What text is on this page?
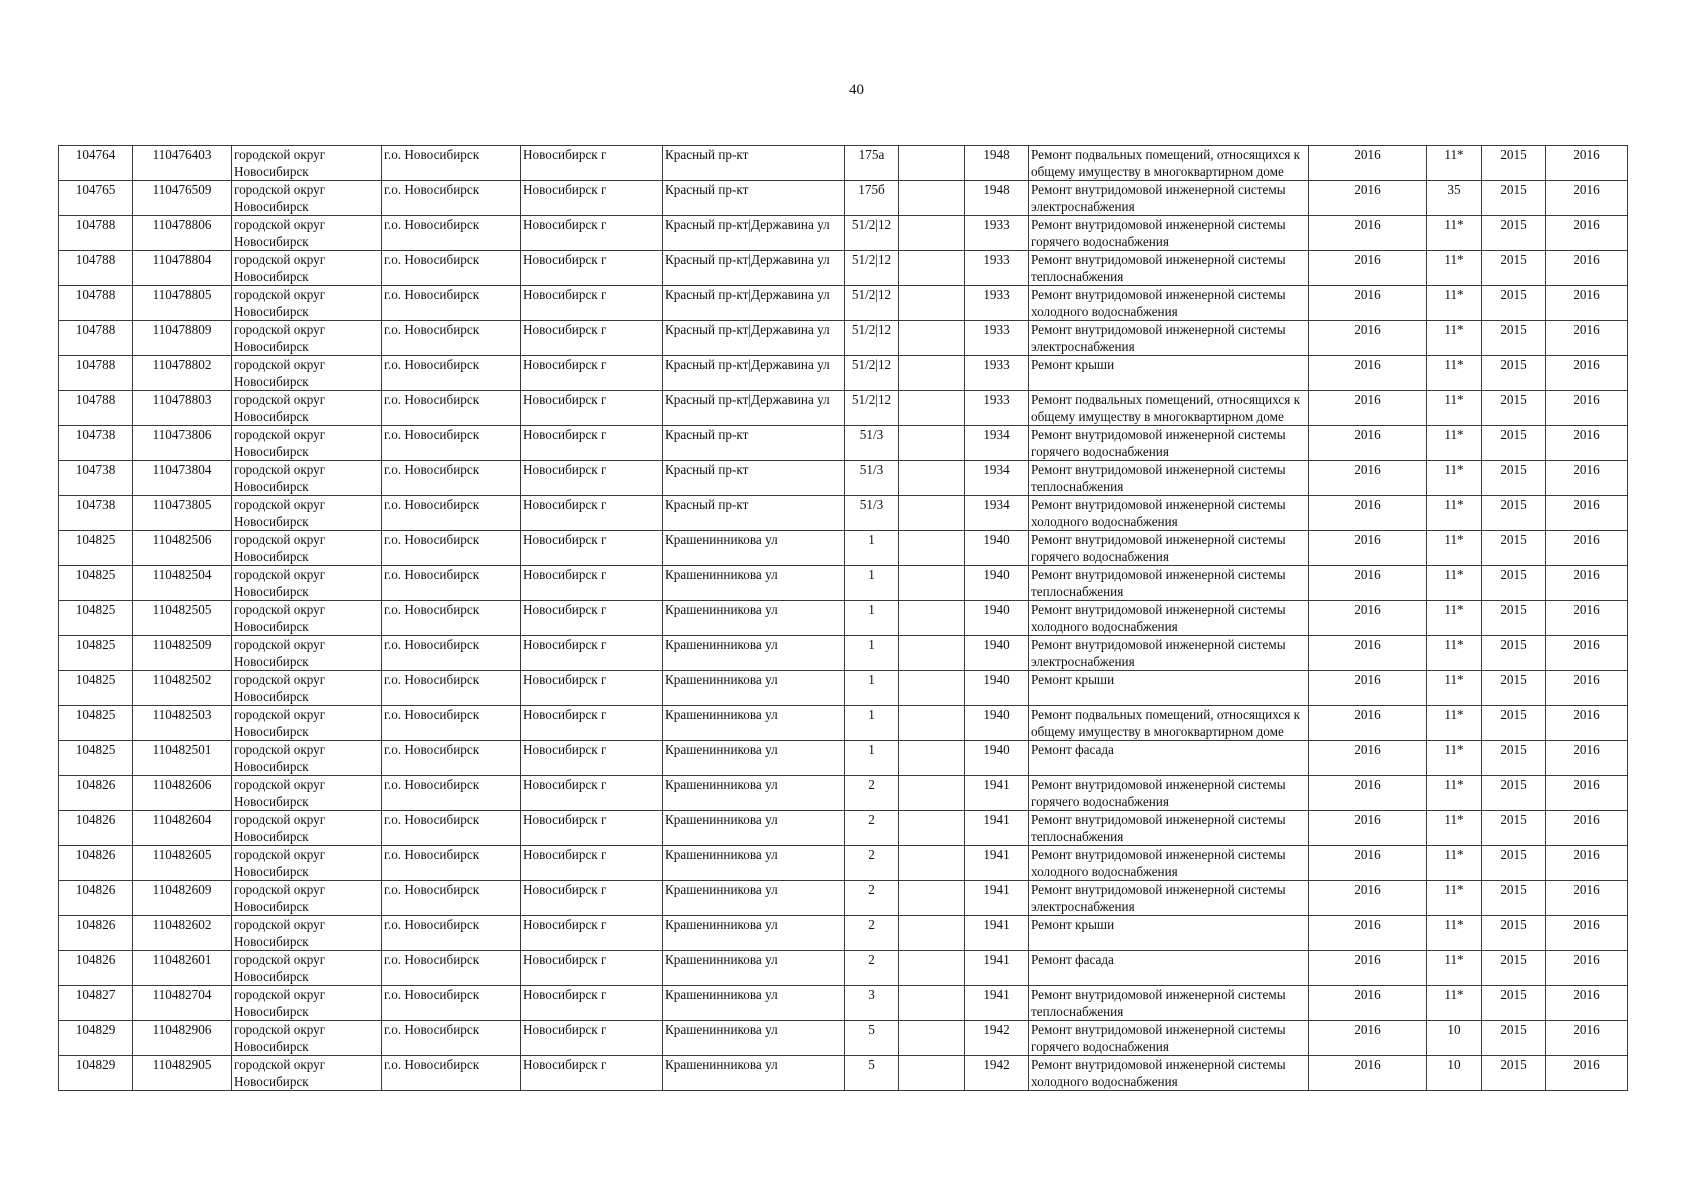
40
104764	110476403	городской округ Новосибирск	г.о. Новосибирск	Новосибирск г	Красный пр-кт	175а		1948	Ремонт подвальных помещений, относящихся к общему имуществу в многоквартирном доме	2016	11*	2015	2016
104765	110476509	городской округ Новосибирск	г.о. Новосибирск	Новосибирск г	Красный пр-кт	175б		1948	Ремонт внутридомовой инженерной системы электроснабжения	2016	35	2015	2016
104788	110478806	городской округ Новосибирск	г.о. Новосибирск	Новосибирск г	Красный пр-кт|Державина ул	51/2|12		1933	Ремонт внутридомовой инженерной системы горячего водоснабжения	2016	11*	2015	2016
104788	110478804	городской округ Новосибирск	г.о. Новосибирск	Новосибирск г	Красный пр-кт|Державина ул	51/2|12		1933	Ремонт внутридомовой инженерной системы теплоснабжения	2016	11*	2015	2016
104788	110478805	городской округ Новосибирск	г.о. Новосибирск	Новосибирск г	Красный пр-кт|Державина ул	51/2|12		1933	Ремонт внутридомовой инженерной системы холодного водоснабжения	2016	11*	2015	2016
104788	110478809	городской округ Новосибирск	г.о. Новосибирск	Новосибирск г	Красный пр-кт|Державина ул	51/2|12		1933	Ремонт внутридомовой инженерной системы электроснабжения	2016	11*	2015	2016
104788	110478802	городской округ Новосибирск	г.о. Новосибирск	Новосибирск г	Красный пр-кт|Державина ул	51/2|12		1933	Ремонт крыши	2016	11*	2015	2016
104788	110478803	городской округ Новосибирск	г.о. Новосибирск	Новосибирск г	Красный пр-кт|Державина ул	51/2|12		1933	Ремонт подвальных помещений, относящихся к общему имуществу в многоквартирном доме	2016	11*	2015	2016
104738	110473806	городской округ Новосибирск	г.о. Новосибирск	Новосибирск г	Красный пр-кт	51/3		1934	Ремонт внутридомовой инженерной системы горячего водоснабжения	2016	11*	2015	2016
104738	110473804	городской округ Новосибирск	г.о. Новосибирск	Новосибирск г	Красный пр-кт	51/3		1934	Ремонт внутридомовой инженерной системы теплоснабжения	2016	11*	2015	2016
104738	110473805	городской округ Новосибирск	г.о. Новосибирск	Новосибирск г	Красный пр-кт	51/3		1934	Ремонт внутридомовой инженерной системы холодного водоснабжения	2016	11*	2015	2016
104825	110482506	городской округ Новосибирск	г.о. Новосибирск	Новосибирск г	Крашенинникова ул	1		1940	Ремонт внутридомовой инженерной системы горячего водоснабжения	2016	11*	2015	2016
104825	110482504	городской округ Новосибирск	г.о. Новосибирск	Новосибирск г	Крашенинникова ул	1		1940	Ремонт внутридомовой инженерной системы теплоснабжения	2016	11*	2015	2016
104825	110482505	городской округ Новосибирск	г.о. Новосибирск	Новосибирск г	Крашенинникова ул	1		1940	Ремонт внутридомовой инженерной системы холодного водоснабжения	2016	11*	2015	2016
104825	110482509	городской округ Новосибирск	г.о. Новосибирск	Новосибирск г	Крашенинникова ул	1		1940	Ремонт внутридомовой инженерной системы электроснабжения	2016	11*	2015	2016
104825	110482502	городской округ Новосибирск	г.о. Новосибирск	Новосибирск г	Крашенинникова ул	1		1940	Ремонт крыши	2016	11*	2015	2016
104825	110482503	городской округ Новосибирск	г.о. Новосибирск	Новосибирск г	Крашенинникова ул	1		1940	Ремонт подвальных помещений, относящихся к общему имуществу в многоквартирном доме	2016	11*	2015	2016
104825	110482501	городской округ Новосибирск	г.о. Новосибирск	Новосибирск г	Крашенинникова ул	1		1940	Ремонт фасада	2016	11*	2015	2016
104826	110482606	городской округ Новосибирск	г.о. Новосибирск	Новосибирск г	Крашенинникова ул	2		1941	Ремонт внутридомовой инженерной системы горячего водоснабжения	2016	11*	2015	2016
104826	110482604	городской округ Новосибирск	г.о. Новосибирск	Новосибирск г	Крашенинникова ул	2		1941	Ремонт внутридомовой инженерной системы теплоснабжения	2016	11*	2015	2016
104826	110482605	городской округ Новосибирск	г.о. Новосибирск	Новосибирск г	Крашенинникова ул	2		1941	Ремонт внутридомовой инженерной системы холодного водоснабжения	2016	11*	2015	2016
104826	110482609	городской округ Новосибирск	г.о. Новосибирск	Новосибирск г	Крашенинникова ул	2		1941	Ремонт внутридомовой инженерной системы электроснабжения	2016	11*	2015	2016
104826	110482602	городской округ Новосибирск	г.о. Новосибирск	Новосибирск г	Крашенинникова ул	2		1941	Ремонт крыши	2016	11*	2015	2016
104826	110482601	городской округ Новосибирск	г.о. Новосибирск	Новосибирск г	Крашенинникова ул	2		1941	Ремонт фасада	2016	11*	2015	2016
104827	110482704	городской округ Новосибирск	г.о. Новосибирск	Новосибирск г	Крашенинникова ул	3		1941	Ремонт внутридомовой инженерной системы теплоснабжения	2016	11*	2015	2016
104829	110482906	городской округ Новосибирск	г.о. Новосибирск	Новосибирск г	Крашенинникова ул	5		1942	Ремонт внутридомовой инженерной системы горячего водоснабжения	2016	10	2015	2016
104829	110482905	городской округ Новосибирск	г.о. Новосибирск	Новосибирск г	Крашенинникова ул	5		1942	Ремонт внутридомовой инженерной системы холодного водоснабжения	2016	10	2015	2016
